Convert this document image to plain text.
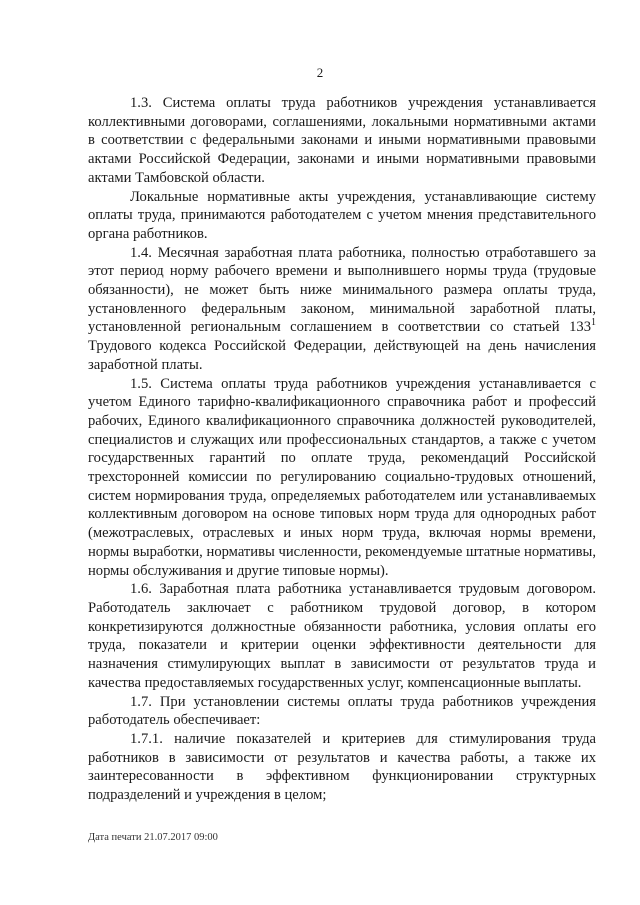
2

1.3. Система оплаты труда работников учреждения устанавливается коллективными договорами, соглашениями, локальными нормативными актами в соответствии с федеральными законами и иными нормативными правовыми актами Российской Федерации, законами и иными нормативными правовыми актами Тамбовской области.

Локальные нормативные акты учреждения, устанавливающие систему оплаты труда, принимаются работодателем с учетом мнения представительного органа работников.

1.4. Месячная заработная плата работника, полностью отработавшего за этот период норму рабочего времени и выполнившего нормы труда (трудовые обязанности), не может быть ниже минимального размера оплаты труда, установленного федеральным законом, минимальной заработной платы, установленной региональным соглашением в соответствии со статьей $133^1$ Трудового кодекса Российской Федерации, действующей на день начисления заработной платы.

1.5. Система оплаты труда работников учреждения устанавливается с учетом Единого тарифно-квалификационного справочника работ и профессий рабочих, Единого квалификационного справочника должностей руководителей, специалистов и служащих или профессиональных стандартов, а также с учетом государственных гарантий по оплате труда, рекомендаций Российской трехсторонней комиссии по регулированию социально-трудовых отношений, систем нормирования труда, определяемых работодателем или устанавливаемых коллективным договором на основе типовых норм труда для однородных работ (межотраслевых, отраслевых и иных норм труда, включая нормы времени, нормы выработки, нормативы численности, рекомендуемые штатные нормативы, нормы обслуживания и другие типовые нормы).

1.6. Заработная плата работника устанавливается трудовым договором. Работодатель заключает с работником трудовой договор, в котором конкретизируются должностные обязанности работника, условия оплаты его труда, показатели и критерии оценки эффективности деятельности для назначения стимулирующих выплат в зависимости от результатов труда и качества предоставляемых государственных услуг, компенсационные выплаты.

1.7. При установлении системы оплаты труда работников учреждения работодатель обеспечивает:

1.7.1. наличие показателей и критериев для стимулирования труда работников в зависимости от результатов и качества работы, а также их заинтересованности в эффективном функционировании структурных подразделений и учреждения в целом;

Дата печати 21.07.2017 09:00
